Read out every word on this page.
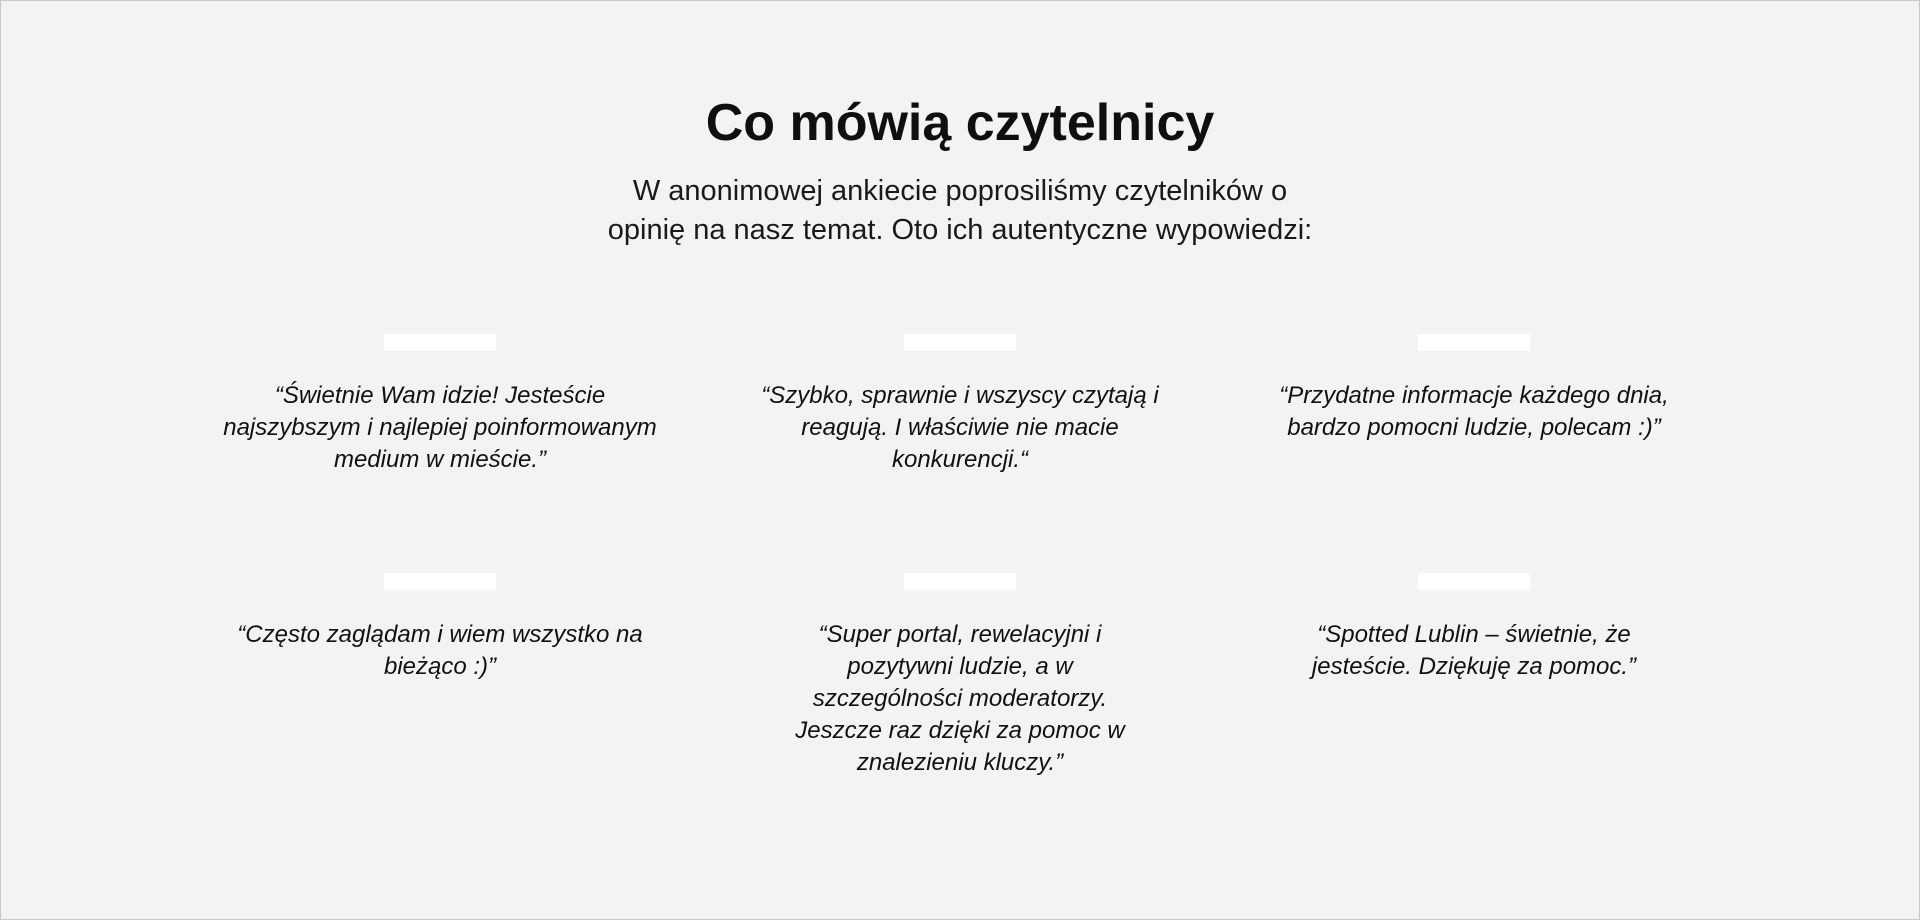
Co mówią czytelnicy

W anonimowej ankiecie poprosiliśmy czytelników o
opinię na nasz temat. Oto ich autentyczne wypowiedzi:

“Świetnie Wam idzie! Jesteście najszybszym i najlepiej poinformowanym medium w mieście.”
“Szybko, sprawnie i wszyscy czytają i reagują. I właściwie nie macie konkurencji.“
“Przydatne informacje każdego dnia, bardzo pomocni ludzie, polecam :)”
“Często zaglądam i wiem wszystko na bieżąco :)”
“Super portal, rewelacyjni i pozytywni ludzie, a w szczególności moderatorzy. Jeszcze raz dzięki za pomoc w znalezieniu kluczy.”
“Spotted Lublin – świetnie, że jesteście. Dziękuję za pomoc.”
